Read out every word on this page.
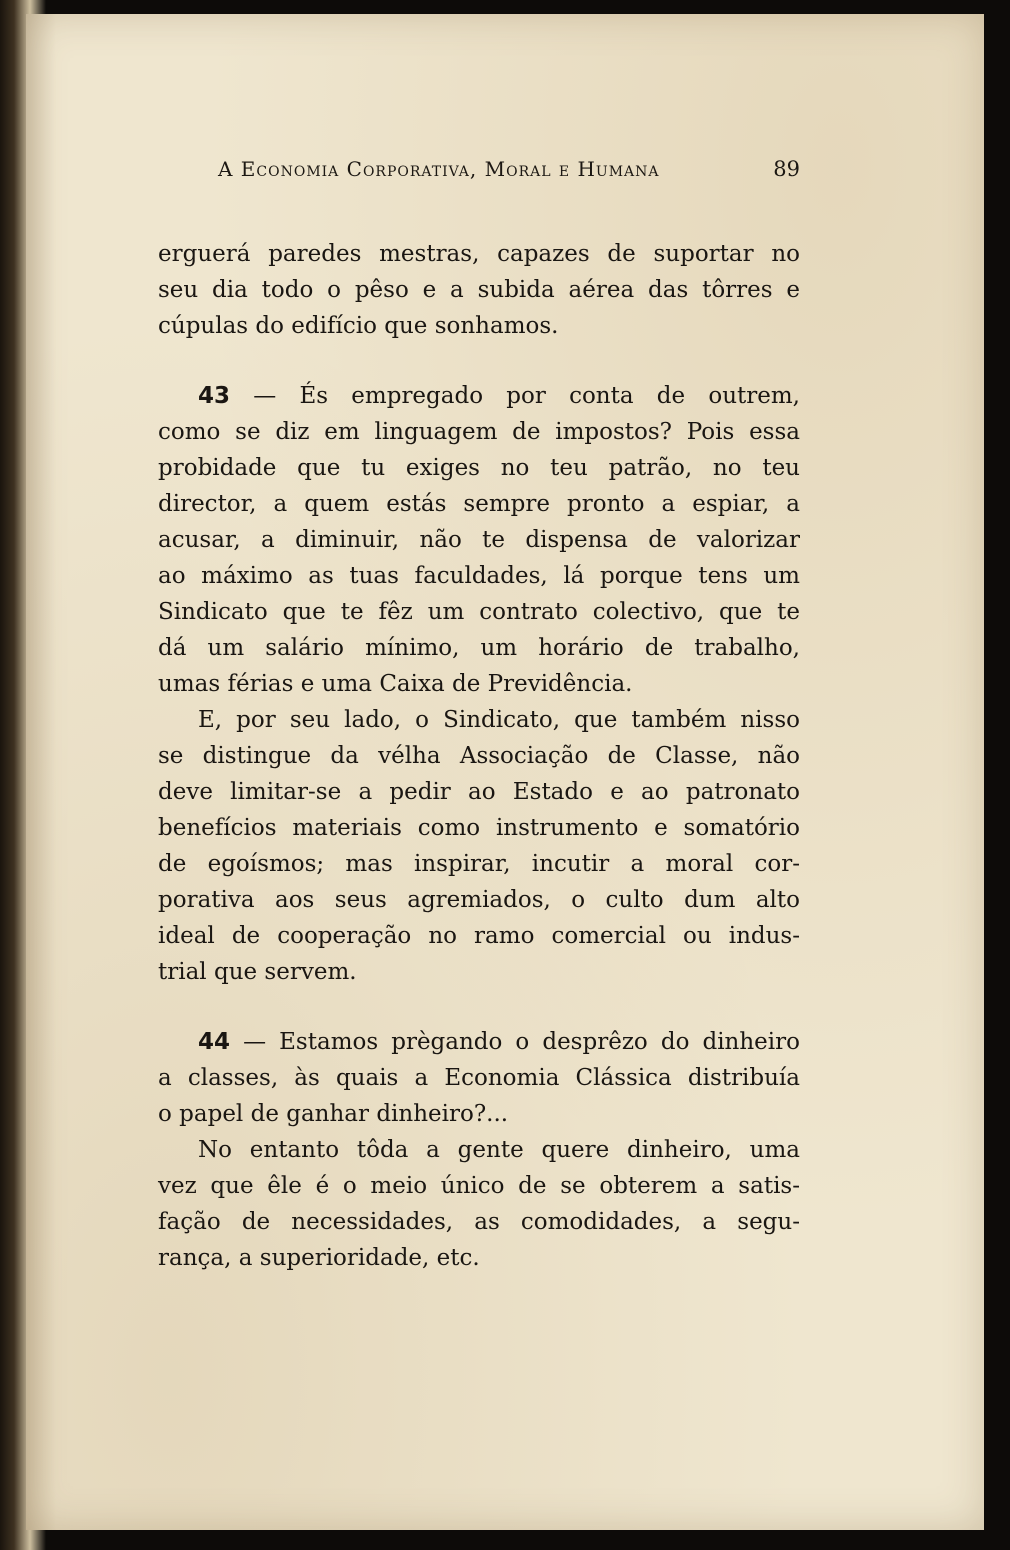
A Economia Corporativa, Moral e Humana	89
erguerá paredes mestras, capazes de suportar no
seu dia todo o pêso e a subida aérea das tôrres e
cúpulas do edifício que sonhamos.
43 — És empregado por conta de outrem,
como se diz em linguagem de impostos? Pois essa
probidade que tu exiges no teu patrão, no teu
director, a quem estás sempre pronto a espiar, a
acusar, a diminuir, não te dispensa de valorizar
ao máximo as tuas faculdades, lá porque tens um
Sindicato que te fêz um contrato colectivo, que te
dá um salário mínimo, um horário de trabalho,
umas férias e uma Caixa de Previdência.
E, por seu lado, o Sindicato, que também nisso
se distingue da vélha Associação de Classe, não
deve limitar-se a pedir ao Estado e ao patronato
benefícios materiais como instrumento e somatório
de egoísmos; mas inspirar, incutir a moral cor-
porativa aos seus agremiados, o culto dum alto
ideal de cooperação no ramo comercial ou indus-
trial que servem.
44 — Estamos prègando o desprêzo do dinheiro
a classes, às quais a Economia Clássica distribuía
o papel de ganhar dinheiro?...
No entanto tôda a gente quere dinheiro, uma
vez que êle é o meio único de se obterem a satis-
fação de necessidades, as comodidades, a segu-
rança, a superioridade, etc.
